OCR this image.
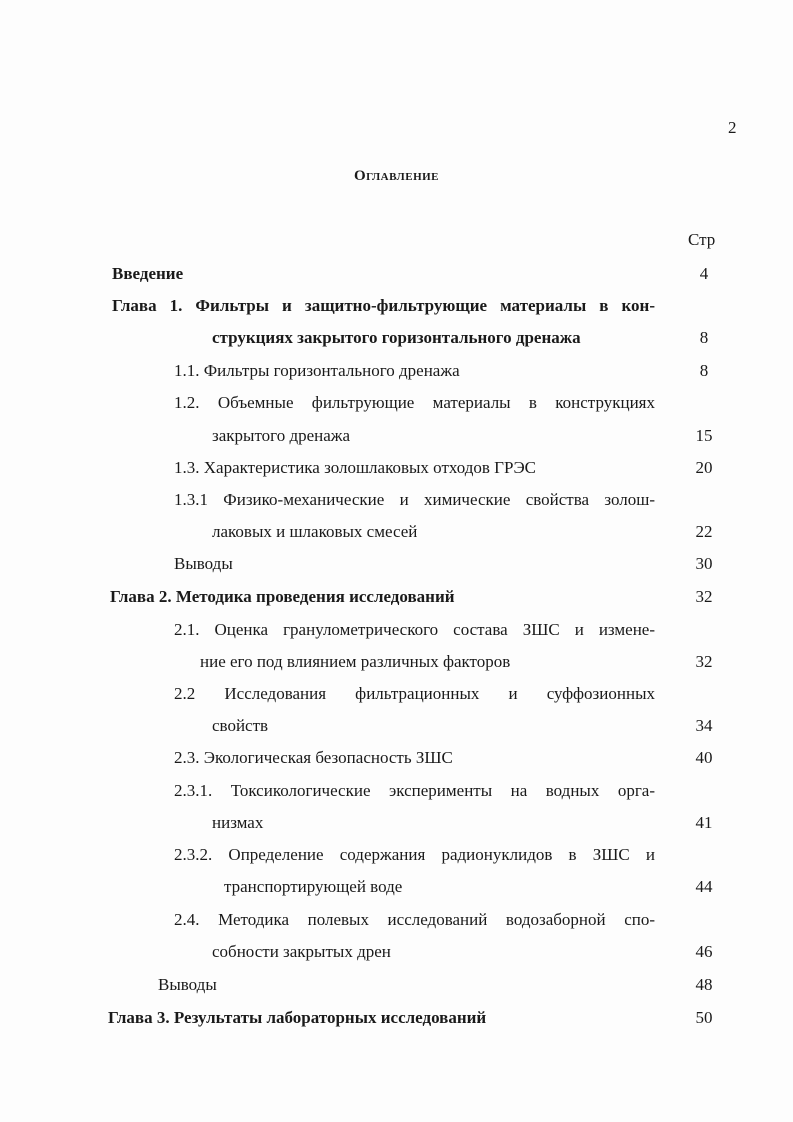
2
Оглавление
Стр
Введение	4
Глава 1. Фильтры и защитно-фильтрующие материалы в кон-
струкциях закрытого горизонтального дренажа	8
1.1. Фильтры горизонтального дренажа	8
1.2. Объемные фильтрующие материалы в конструкциях
закрытого дренажа	15
1.3. Характеристика золошлаковых отходов ГРЭС	20
1.3.1 Физико-механические и химические свойства золош-
лаковых и шлаковых смесей	22
Выводы	30
Глава 2. Методика проведения исследований	32
2.1. Оценка гранулометрического состава ЗШС и измене-
ние его под влиянием различных факторов	32
2.2 Исследования фильтрационных и суффозионных
свойств	34
2.3. Экологическая безопасность ЗШС	40
2.3.1. Токсикологические эксперименты на водных орга-
низмах	41
2.3.2. Определение содержания радионуклидов в ЗШС и
транспортирующей воде	44
2.4. Методика полевых исследований водозаборной спо-
собности закрытых дрен	46
Выводы	48
Глава 3. Результаты лабораторных исследований	50
